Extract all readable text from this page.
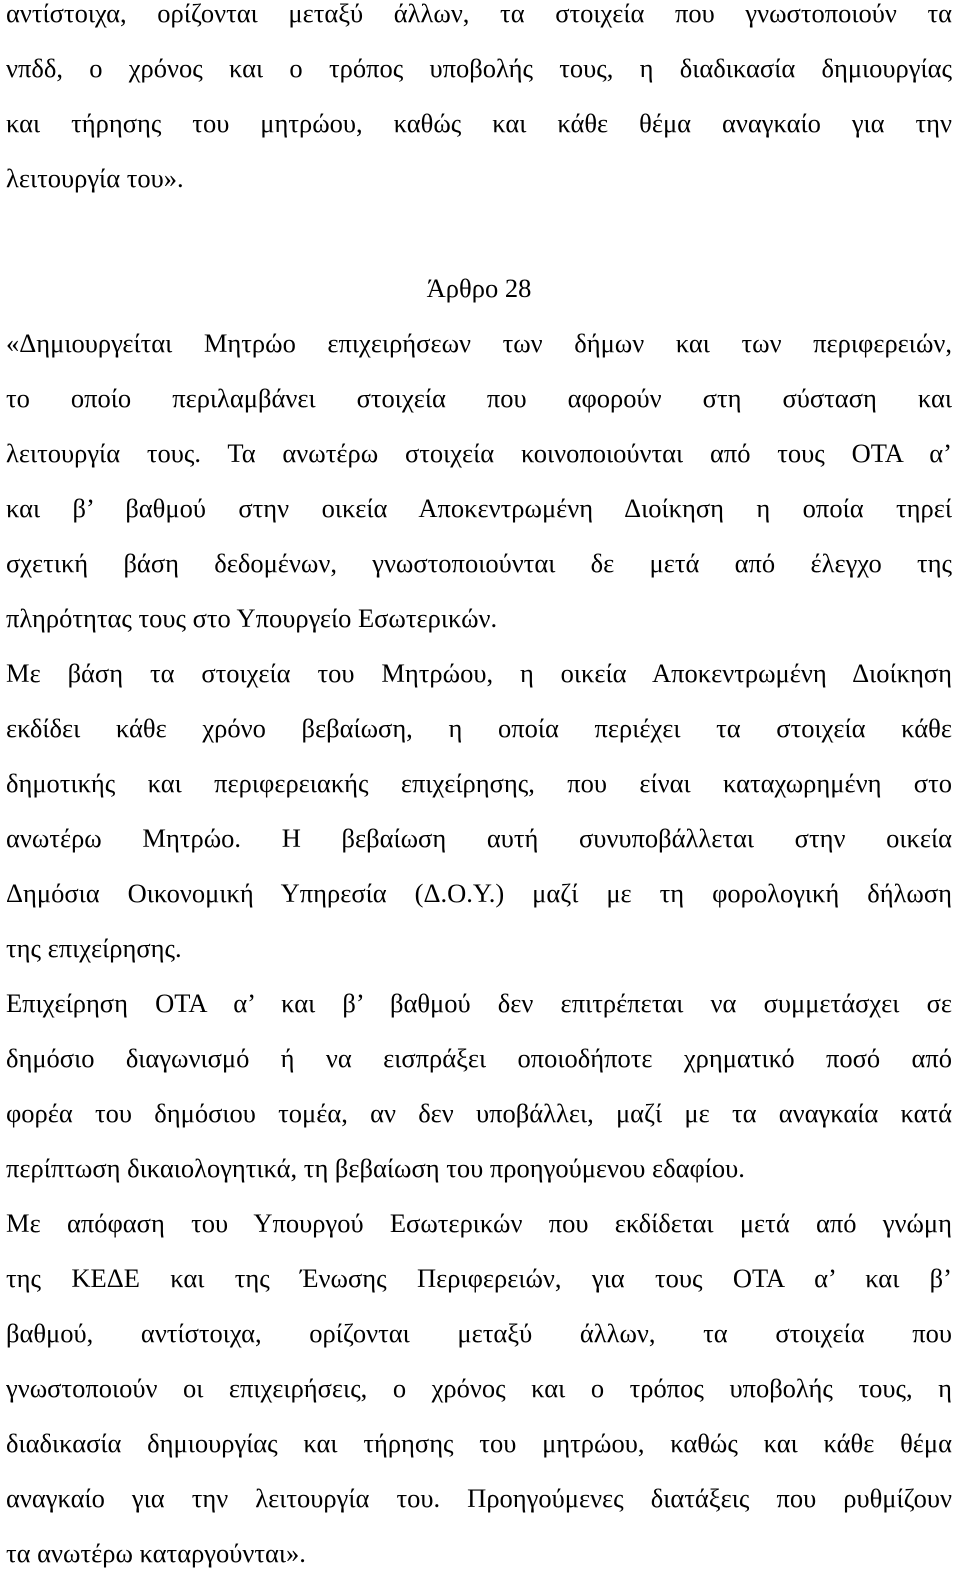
αντίστοιχα, ορίζονται μεταξύ άλλων, τα στοιχεία που γνωστοποιούν τα
νπδδ, ο χρόνος και ο τρόπος υποβολής τους, η διαδικασία δημιουργίας
και τήρησης του μητρώου, καθώς και κάθε θέμα αναγκαίο για την
λειτουργία του».
Άρθρο 28
«Δημιουργείται Μητρώο επιχειρήσεων των δήμων και των περιφερειών,
το οποίο περιλαμβάνει στοιχεία που αφορούν στη σύσταση και
λειτουργία τους. Τα ανωτέρω στοιχεία κοινοποιούνται από τους ΟΤΑ α’
και β’ βαθμού στην οικεία Αποκεντρωμένη Διοίκηση η οποία τηρεί
σχετική βάση δεδομένων, γνωστοποιούνται δε μετά από έλεγχο της
πληρότητας τους στο Υπουργείο Εσωτερικών.
Με βάση τα στοιχεία του Μητρώου, η οικεία Αποκεντρωμένη Διοίκηση
εκδίδει κάθε χρόνο βεβαίωση, η οποία περιέχει τα στοιχεία κάθε
δημοτικής και περιφερειακής επιχείρησης, που είναι καταχωρημένη στο
ανωτέρω Μητρώο. Η βεβαίωση αυτή συνυποβάλλεται στην οικεία
Δημόσια Οικονομική Υπηρεσία (Δ.Ο.Υ.) μαζί με τη φορολογική δήλωση
της επιχείρησης.
Επιχείρηση ΟΤΑ α’ και β’ βαθμού δεν επιτρέπεται να συμμετάσχει σε
δημόσιο διαγωνισμό ή να εισπράξει οποιοδήποτε χρηματικό ποσό από
φορέα του δημόσιου τομέα, αν δεν υποβάλλει, μαζί με τα αναγκαία κατά
περίπτωση δικαιολογητικά, τη βεβαίωση του προηγούμενου εδαφίου.
Με απόφαση του Υπουργού Εσωτερικών που εκδίδεται μετά από γνώμη
της ΚΕΔΕ και της Ένωσης Περιφερειών, για τους ΟΤΑ α’ και β’
βαθμού, αντίστοιχα, ορίζονται μεταξύ άλλων, τα στοιχεία που
γνωστοποιούν οι επιχειρήσεις, ο χρόνος και ο τρόπος υποβολής τους, η
διαδικασία δημιουργίας και τήρησης του μητρώου, καθώς και κάθε θέμα
αναγκαίο για την λειτουργία του. Προηγούμενες διατάξεις που ρυθμίζουν
τα ανωτέρω καταργούνται».
